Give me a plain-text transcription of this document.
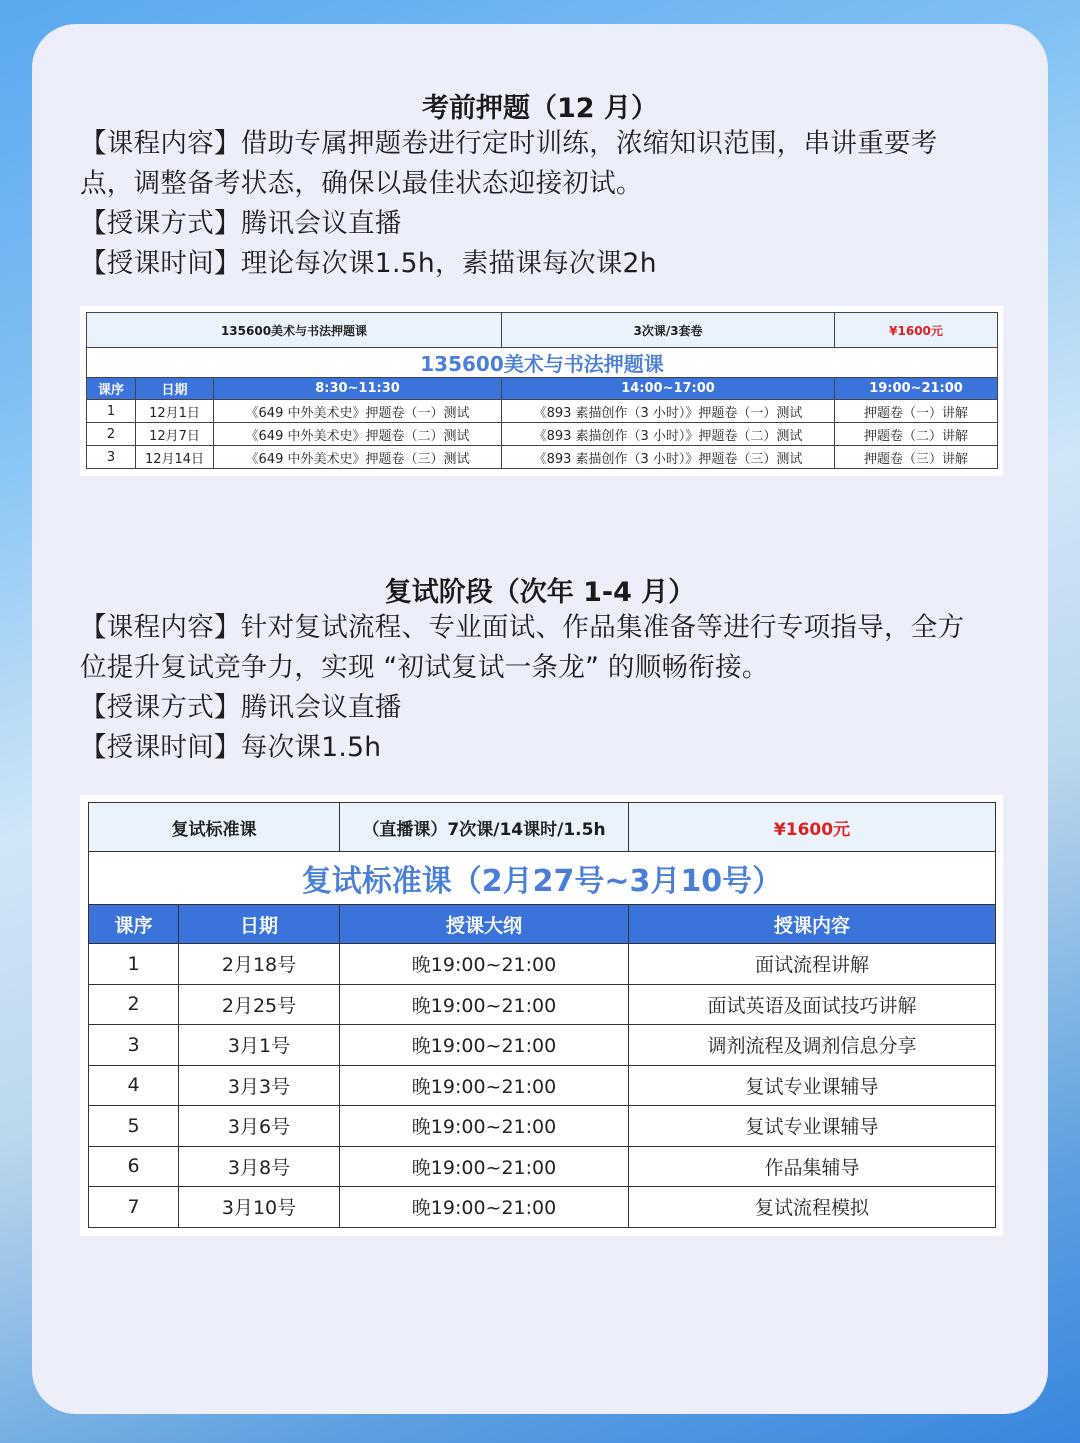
考前押题（12 月）

【课程内容】借助专属押题卷进行定时训练，浓缩知识范围，串讲重要考

点，调整备考状态，确保以最佳状态迎接初试。

【授课方式】腾讯会议直播

【授课时间】理论每次课1.5h，素描课每次课2h

135600美术与书法押题课			3次课/3套卷	¥1600元
135600美术与书法押题课				
课序	日期	8:30~11:30	14:00~17:00	19:00~21:00
1	12月1日	《649 中外美术史》押题卷（一）测试	《893 素描创作（3 小时）》押题卷（一）测试	押题卷（一）讲解
2	12月7日	《649 中外美术史》押题卷（二）测试	《893 素描创作（3 小时）》押题卷（二）测试	押题卷（二）讲解
3	12月14日	《649 中外美术史》押题卷（三）测试	《893 素描创作（3 小时）》押题卷（三）测试	押题卷（三）讲解
复试阶段（次年 1-4 月）

【课程内容】针对复试流程、专业面试、作品集准备等进行专项指导，全方

位提升复试竞争力，实现 “初试复试一条龙” 的顺畅衔接。

【授课方式】腾讯会议直播

【授课时间】每次课1.5h

复试标准课		（直播课）7次课/14课时/1.5h	¥1600元
复试标准课（2月27号~3月10号）			
课序	日期	授课大纲	授课内容
1	2月18号	晚19:00~21:00	面试流程讲解
2	2月25号	晚19:00~21:00	面试英语及面试技巧讲解
3	3月1号	晚19:00~21:00	调剂流程及调剂信息分享
4	3月3号	晚19:00~21:00	复试专业课辅导
5	3月6号	晚19:00~21:00	复试专业课辅导
6	3月8号	晚19:00~21:00	作品集辅导
7	3月10号	晚19:00~21:00	复试流程模拟
